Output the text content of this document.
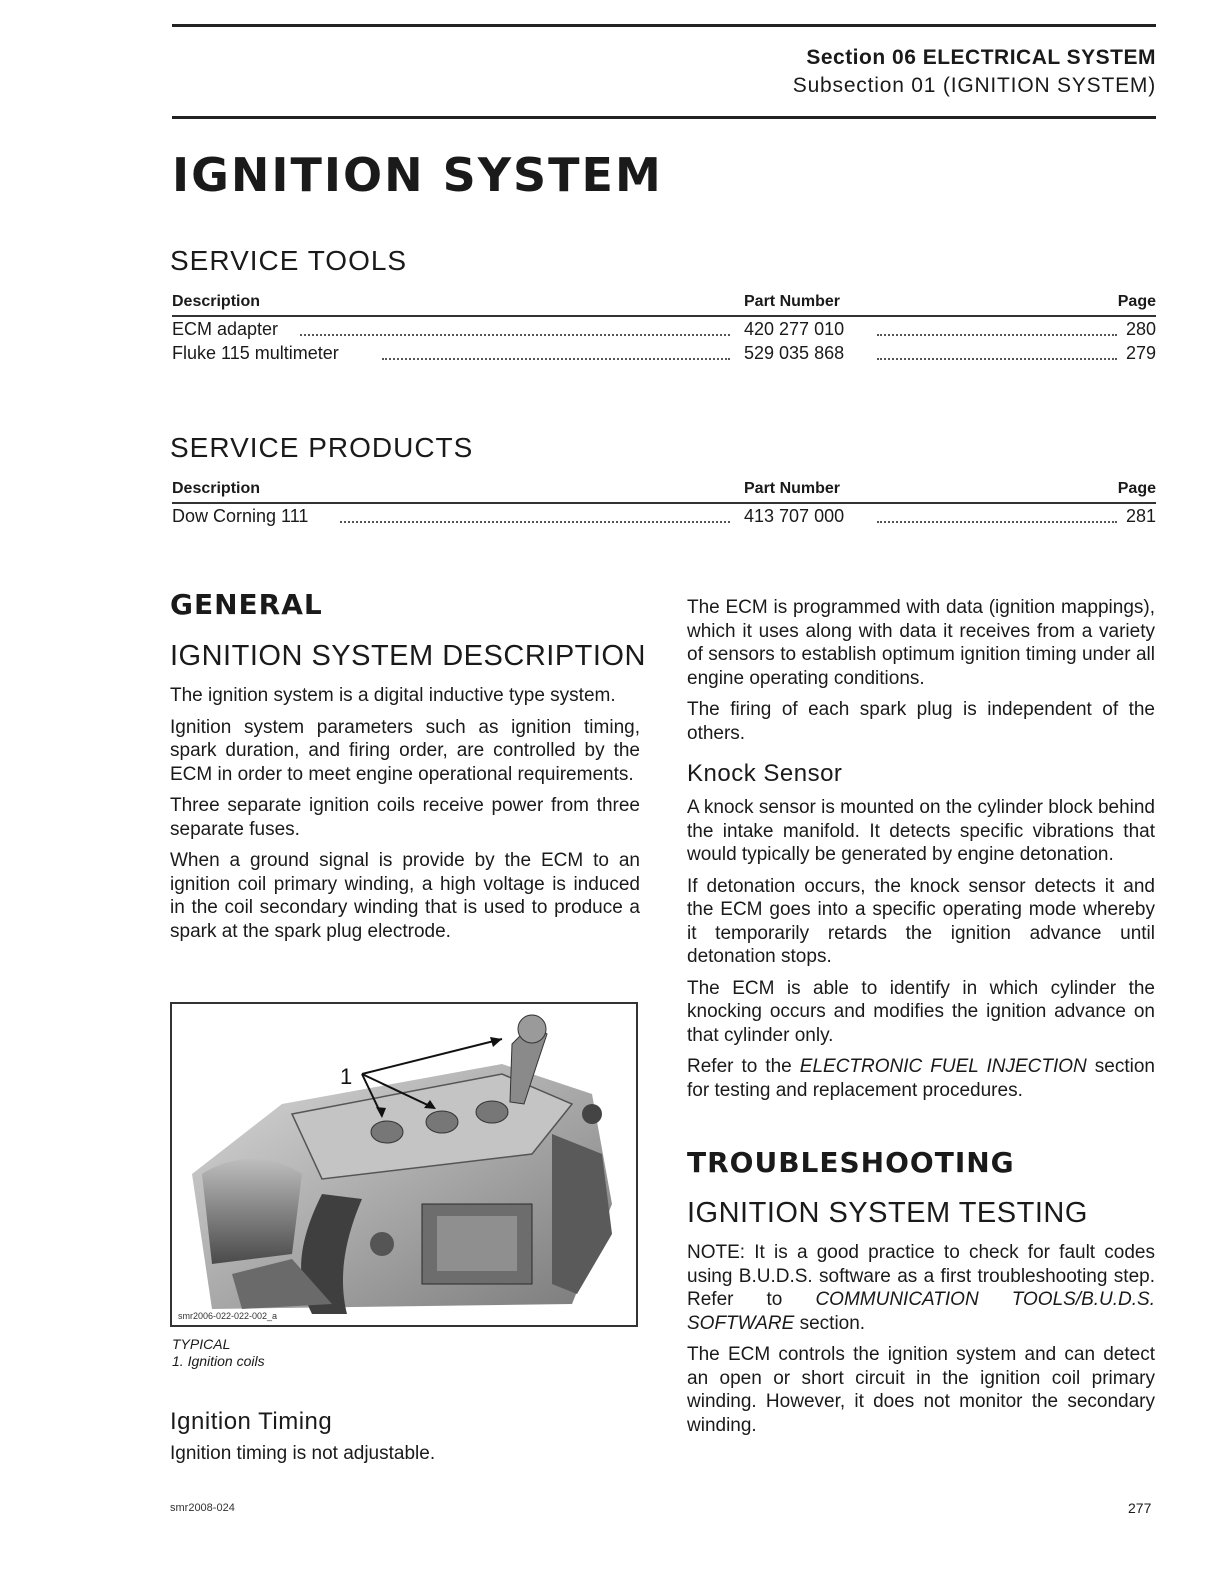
Section 06 ELECTRICAL SYSTEM
Subsection 01 (IGNITION SYSTEM)
IGNITION SYSTEM
SERVICE TOOLS
Description	Part Number	Page
ECM adapter	420 277 010	280
Fluke 115 multimeter	529 035 868	279
SERVICE PRODUCTS
Description	Part Number	Page
Dow Corning 111	413 707 000	281
GENERAL
IGNITION SYSTEM DESCRIPTION

The ignition system is a digital inductive type system.

Ignition system parameters such as ignition timing, spark duration, and firing order, are controlled by the ECM in order to meet engine operational requirements.

Three separate ignition coils receive power from three separate fuses.

When a ground signal is provide by the ECM to an ignition coil primary winding, a high voltage is induced in the coil secondary winding that is used to produce a spark at the spark plug electrode.

1
smr2006-022-022-002_a
TYPICAL
1. Ignition coils
Ignition Timing

Ignition timing is not adjustable.

The ECM is programmed with data (ignition mappings), which it uses along with data it receives from a variety of sensors to establish optimum ignition timing under all engine operating conditions.

The firing of each spark plug is independent of the others.

Knock Sensor

A knock sensor is mounted on the cylinder block behind the intake manifold. It detects specific vibrations that would typically be generated by engine detonation.

If detonation occurs, the knock sensor detects it and the ECM goes into a specific operating mode whereby it temporarily retards the ignition advance until detonation stops.

The ECM is able to identify in which cylinder the knocking occurs and modifies the ignition advance on that cylinder only.

Refer to the ELECTRONIC FUEL INJECTION section for testing and replacement procedures.

TROUBLESHOOTING
IGNITION SYSTEM TESTING

NOTE: It is a good practice to check for fault codes using B.U.D.S. software as a first troubleshooting step. Refer to COMMUNICATION TOOLS/B.U.D.S. SOFTWARE section.

The ECM controls the ignition system and can detect an open or short circuit in the ignition coil primary winding. However, it does not monitor the secondary winding.

smr2008-024	277
